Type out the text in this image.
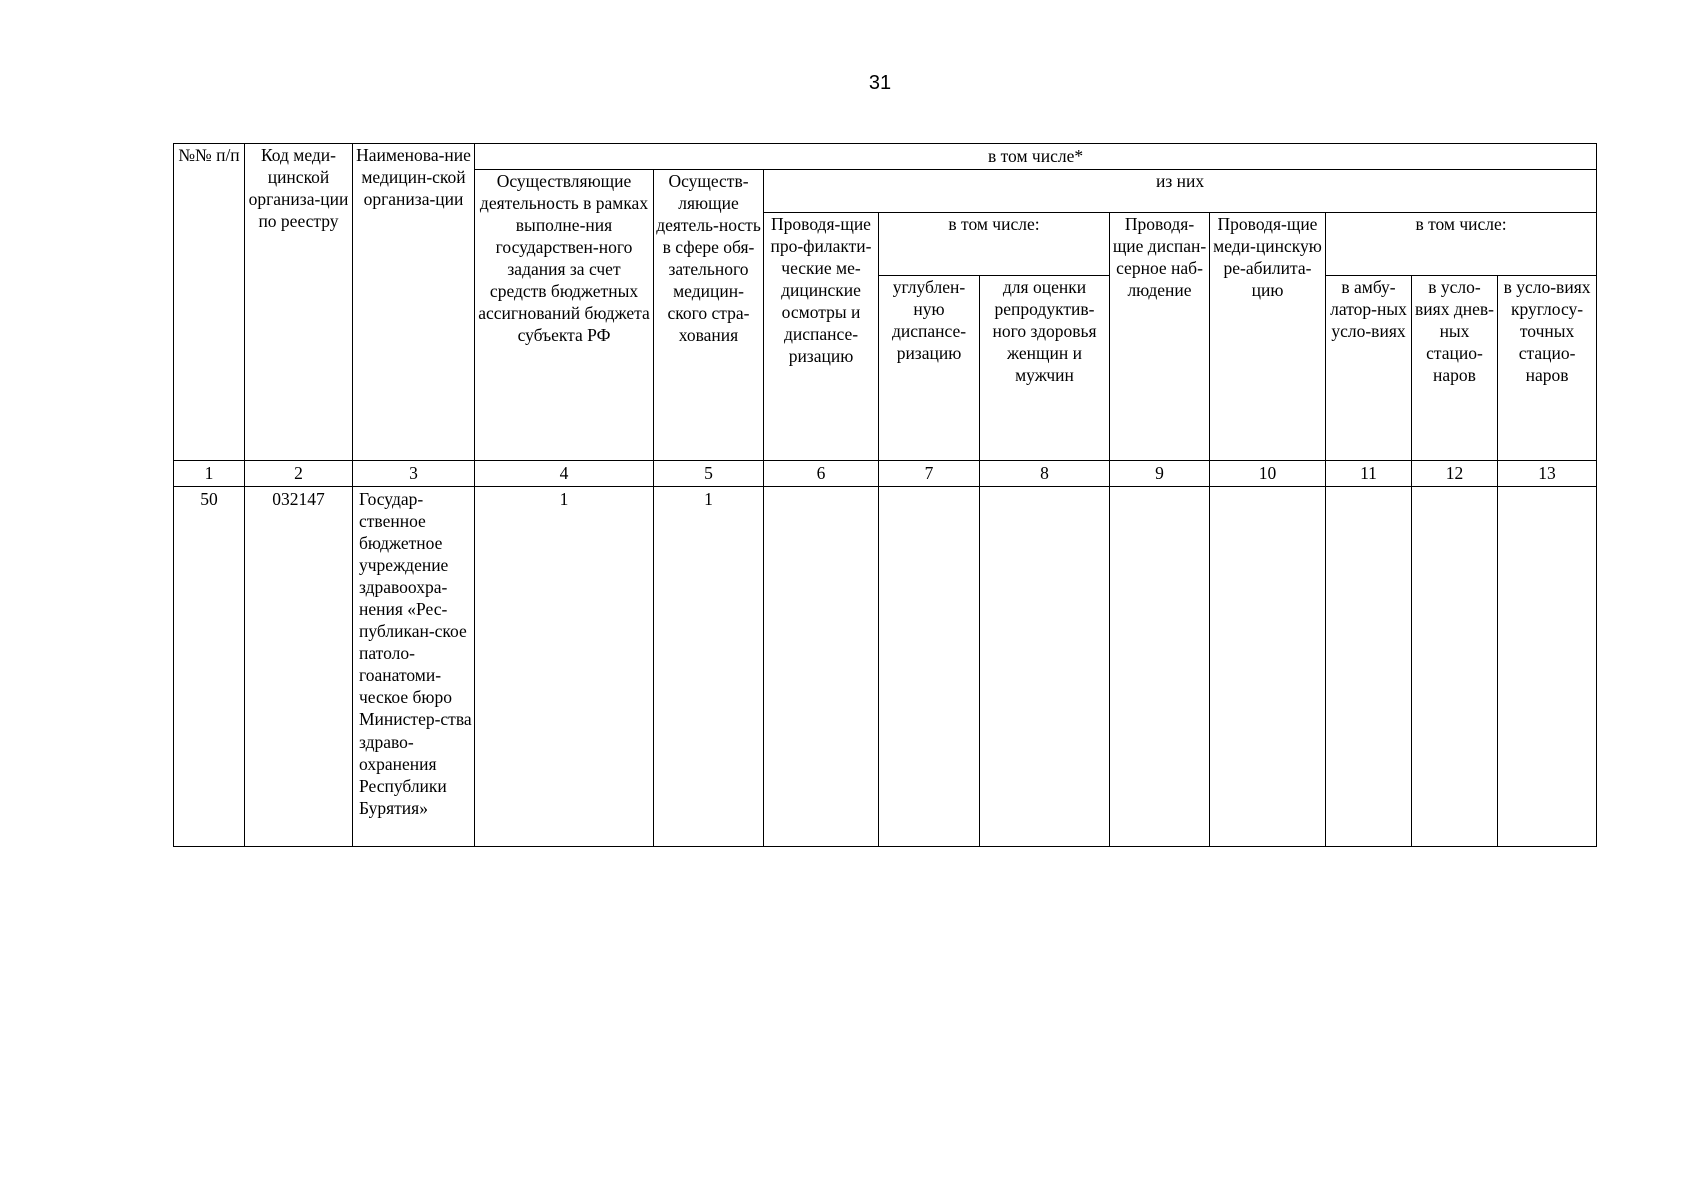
31
№№ п/п	Код меди-цинской организа-ции по реестру	Наименова-ние медицин-ской организа-ции	в том числе*									
			Осуществляющие деятельность в рамках выполне-ния государствен-ного задания за счет средств бюджетных ассигнований бюджета субъекта РФ	Осуществ-ляющие деятель-ность в сфере обя-зательного медицин-ского стра-хования	из них							
					Проводя-щие про-филакти-ческие ме-дицинские осмотры и диспансе-ризацию	в том числе:		Проводя-щие диспан-серное наб-людение	Проводя-щие меди-цинскую ре-абилита-цию	в том числе:		
						углублен-ную диспансе-ризацию	для оценки репродуктив-ного здоровья женщин и мужчин			в амбу-латор-ных усло-виях	в усло-виях днев-ных стацио-наров	в усло-виях круглосу-точных стацио-наров
1	2	3	4	5	6	7	8	9	10	11	12	13
50	032147	Государ-ственное бюджетное учреждение здравоохра-нения «Рес-публикан-ское патоло-гоанатоми-ческое бюро Министер-ства здраво-охранения Республики Бурятия»	1	1								
